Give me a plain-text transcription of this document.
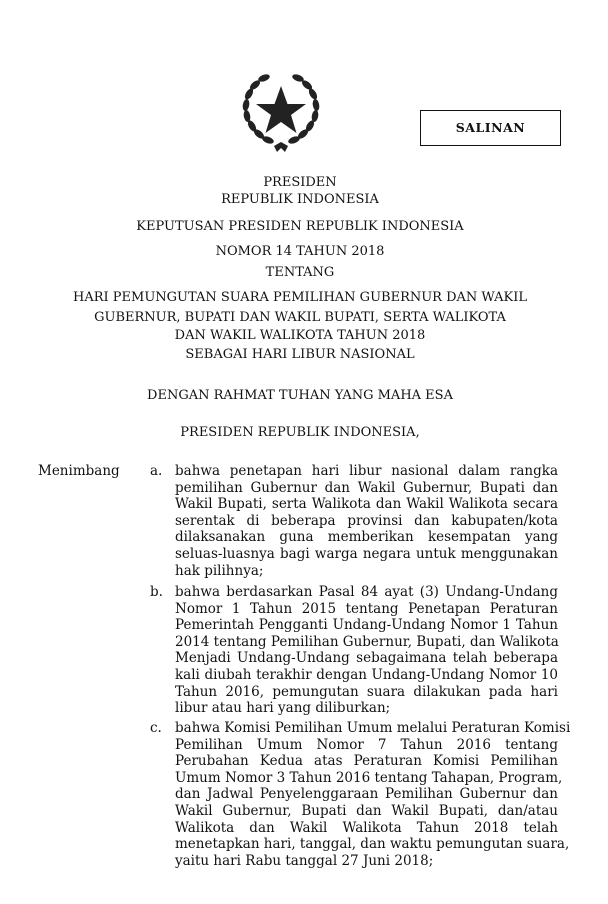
SALINAN
PRESIDEN
REPUBLIK INDONESIA
KEPUTUSAN PRESIDEN REPUBLIK INDONESIA
NOMOR 14 TAHUN 2018
TENTANG
HARI PEMUNGUTAN SUARA PEMILIHAN GUBERNUR DAN WAKIL
GUBERNUR, BUPATI DAN WAKIL BUPATI, SERTA WALIKOTA
DAN WAKIL WALIKOTA TAHUN 2018
SEBAGAI HARI LIBUR NASIONAL
DENGAN RAHMAT TUHAN YANG MAHA ESA
PRESIDEN REPUBLIK INDONESIA,
Menimbang a. bahwa penetapan hari libur nasional dalam rangka
pemilihan Gubernur dan Wakil Gubernur, Bupati dan
Wakil Bupati, serta Walikota dan Wakil Walikota secara
serentak di beberapa provinsi dan kabupaten/kota
dilaksanakan guna memberikan kesempatan yang
seluas-luasnya bagi warga negara untuk menggunakan
hak pilihnya;
b. bahwa berdasarkan Pasal 84 ayat (3) Undang-Undang
Nomor 1 Tahun 2015 tentang Penetapan Peraturan
Pemerintah Pengganti Undang-Undang Nomor 1 Tahun
2014 tentang Pemilihan Gubernur, Bupati, dan Walikota
Menjadi Undang-Undang sebagaimana telah beberapa
kali diubah terakhir dengan Undang-Undang Nomor 10
Tahun 2016, pemungutan suara dilakukan pada hari
libur atau hari yang diliburkan;
c. bahwa Komisi Pemilihan Umum melalui Peraturan Komisi
Pemilihan Umum Nomor 7 Tahun 2016 tentang
Perubahan Kedua atas Peraturan Komisi Pemilihan
Umum Nomor 3 Tahun 2016 tentang Tahapan, Program,
dan Jadwal Penyelenggaraan Pemilihan Gubernur dan
Wakil Gubernur, Bupati dan Wakil Bupati, dan/atau
Walikota dan Wakil Walikota Tahun 2018 telah
menetapkan hari, tanggal, dan waktu pemungutan suara,
yaitu hari Rabu tanggal 27 Juni 2018;
